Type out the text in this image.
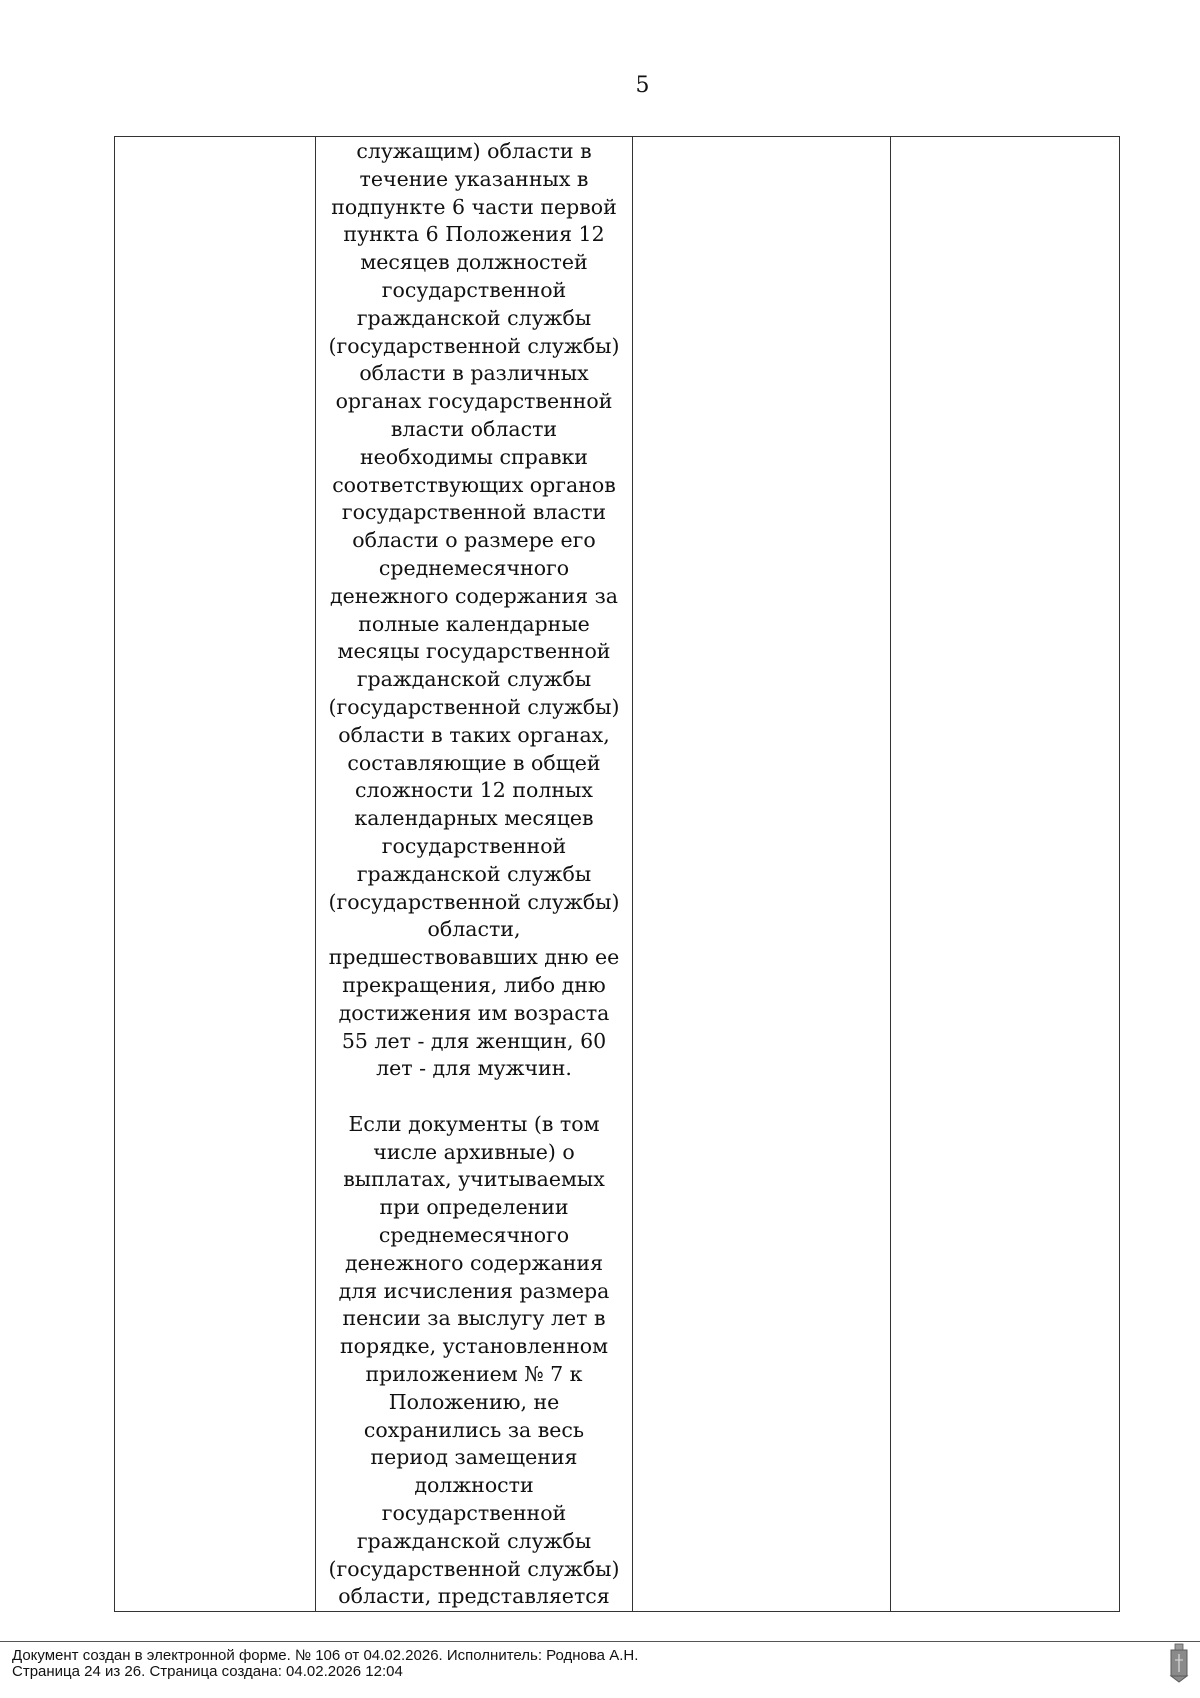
5

служащим) области в течение указанных в подпункте 6 части первой пункта 6 Положения 12 месяцев должностей государственной гражданской службы (государственной службы) области в различных органах государственной власти области необходимы справки соответствующих органов государственной власти области о размере его среднемесячного денежного содержания за полные календарные месяцы государственной гражданской службы (государственной службы) области в таких органах, составляющие в общей сложности 12 полных календарных месяцев государственной гражданской службы (государственной службы) области, предшествовавших дню ее прекращения, либо дню достижения им возраста 55 лет - для женщин, 60 лет - для мужчин.
Если документы (в том числе архивные) о выплатах, учитываемых при определении среднемесячного денежного содержания для исчисления размера пенсии за выслугу лет в порядке, установленном приложением № 7 к Положению, не сохранились за весь период замещения должности государственной гражданской службы (государственной службы) области, представляется

Документ создан в электронной форме. № 106 от 04.02.2026. Исполнитель: Роднова А.Н.
Страница 24 из 26. Страница создана: 04.02.2026 12:04
